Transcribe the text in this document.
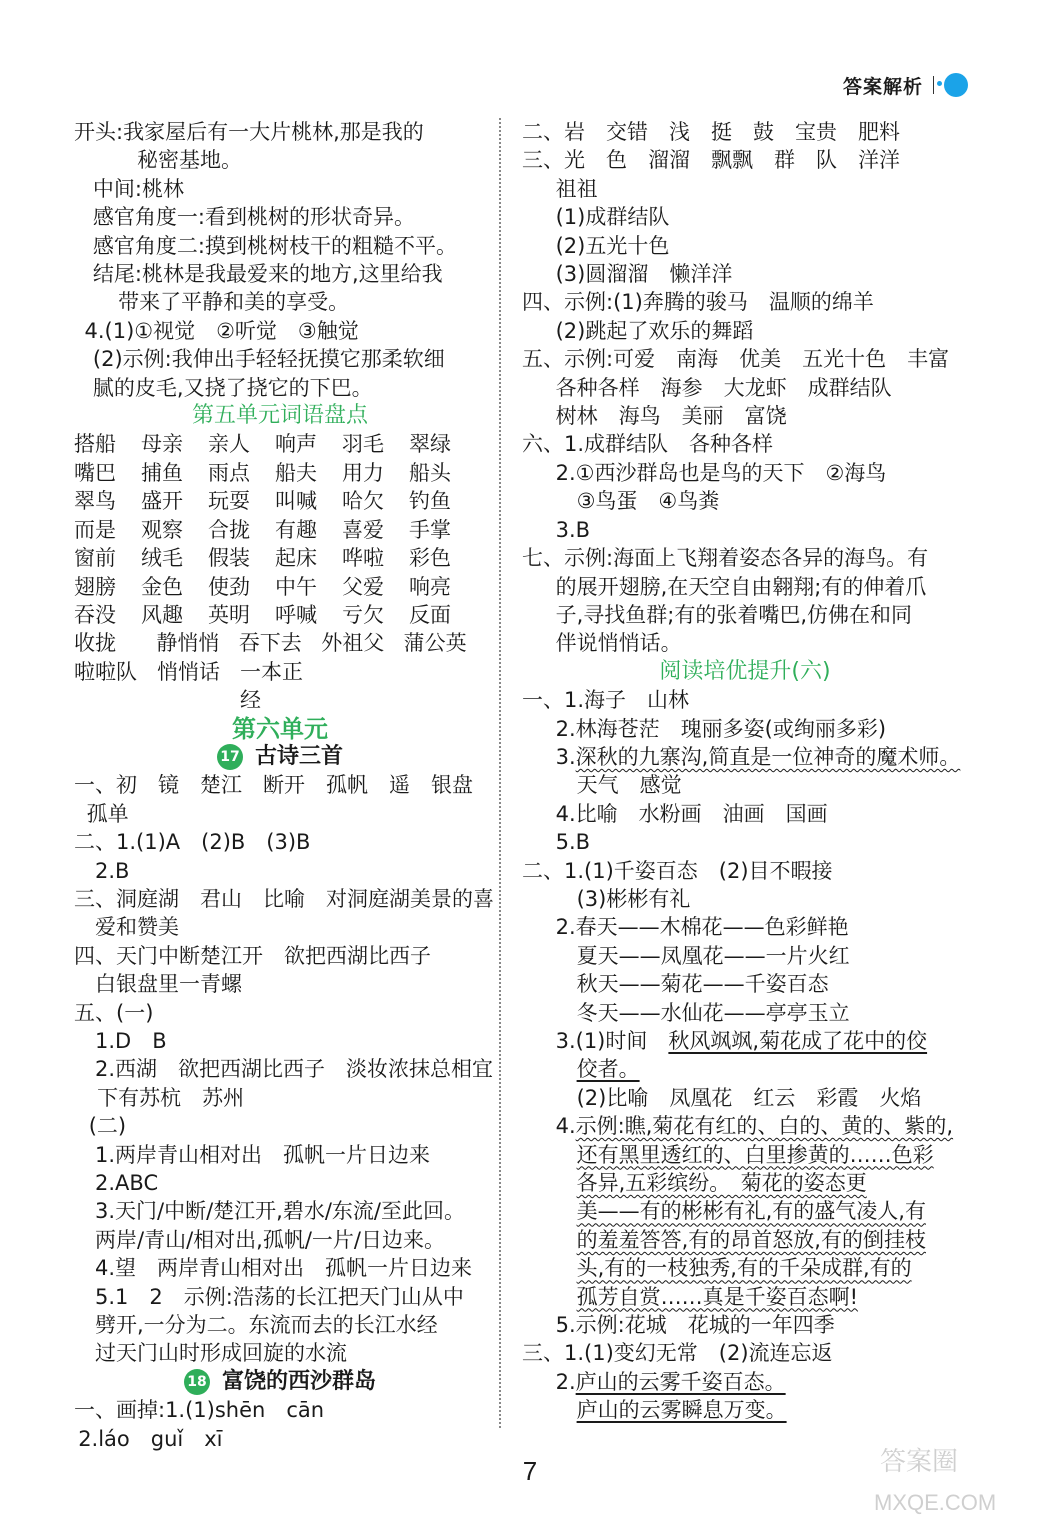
答案解析
开头:我家屋后有一大片桃林,那是我的
秘密基地。
中间:桃林
感官角度一:看到桃树的形状奇异。
感官角度二:摸到桃树枝干的粗糙不平。
结尾:桃林是我最爱来的地方,这里给我
带来了平静和美的享受。
4.(1)①视觉　②听觉　③触觉
(2)示例:我伸出手轻轻抚摸它那柔软细
腻的皮毛,又挠了挠它的下巴。
第五单元词语盘点
搭船	母亲	亲人	响声	羽毛	翠绿
嘴巴	捕鱼	雨点	船夫	用力	船头
翠鸟	盛开	玩耍	叫喊	哈欠	钓鱼
而是	观察	合拢	有趣	喜爱	手掌
窗前	绒毛	假装	起床	哗啦	彩色
翅膀	金色	使劲	中午	父爱	响亮
吞没	风趣	英明	呼喊	亏欠	反面
收拢	静悄悄 吞下去 外祖父 蒲公英
啦啦队 悄悄话 一本正经
第六单元
17 古诗三首
一、初　镜　楚江　断开　孤帆　遥　银盘
孤单
二、1.(1)A　(2)B　(3)B
2.B
三、洞庭湖　君山　比喻　对洞庭湖美景的喜
爱和赞美
四、天门中断楚江开　欲把西湖比西子
白银盘里一青螺
五、(一)
1.D　B
2.西湖　欲把西湖比西子　淡妆浓抹总相宜
下有苏杭　苏州
(二)
1.两岸青山相对出　孤帆一片日边来
2.ABC
3.天门/中断/楚江开,碧水/东流/至此回。
两岸/青山/相对出,孤帆/一片/日边来。
4.望　两岸青山相对出　孤帆一片日边来
5.1　2　示例:浩荡的长江把天门山从中
劈开,一分为二。东流而去的长江水经
过天门山时形成回旋的水流
18 富饶的西沙群岛
一、画掉:1.(1)shēn　cān
2.láo　guǐ　xī
二、岩　交错　浅　挺　鼓　宝贵　肥料
三、光　色　溜溜　飘飘　群　队　洋洋
祖祖
(1)成群结队
(2)五光十色
(3)圆溜溜　懒洋洋
四、示例:(1)奔腾的骏马　温顺的绵羊
(2)跳起了欢乐的舞蹈
五、示例:可爱　南海　优美　五光十色　丰富
各种各样　海参　大龙虾　成群结队
树林　海鸟　美丽　富饶
六、1.成群结队　各种各样
2.①西沙群岛也是鸟的天下　②海鸟
③鸟蛋　④鸟粪
3.B
七、示例:海面上飞翔着姿态各异的海鸟。有
的展开翅膀,在天空自由翱翔;有的伸着爪
子,寻找鱼群;有的张着嘴巴,仿佛在和同
伴说悄悄话。
阅读培优提升(六)
一、1.海子　山林
2.林海苍茫　瑰丽多姿(或绚丽多彩)
3.深秋的九寨沟,简直是一位神奇的魔术师。
天气　感觉
4.比喻　水粉画　油画　国画
5.B
二、1.(1)千姿百态　(2)目不暇接
(3)彬彬有礼
2.春天——木棉花——色彩鲜艳
夏天——凤凰花——一片火红
秋天——菊花——千姿百态
冬天——水仙花——亭亭玉立
3.(1)时间　秋风飒飒,菊花成了花中的佼
佼者。
(2)比喻　凤凰花　红云　彩霞　火焰
4.示例:瞧,菊花有红的、白的、黄的、紫的,
还有黑里透红的、白里掺黄的……色彩
各异,五彩缤纷。　菊花的姿态更
美——有的彬彬有礼,有的盛气凌人,有
的羞羞答答,有的昂首怒放,有的倒挂枝
头,有的一枝独秀,有的千朵成群,有的
孤芳自赏……真是千姿百态啊!
5.示例:花城　花城的一年四季
三、1.(1)变幻无常　(2)流连忘返
2.庐山的云雾千姿百态。
庐山的云雾瞬息万变。
7	答案圈
MXQE.COM
